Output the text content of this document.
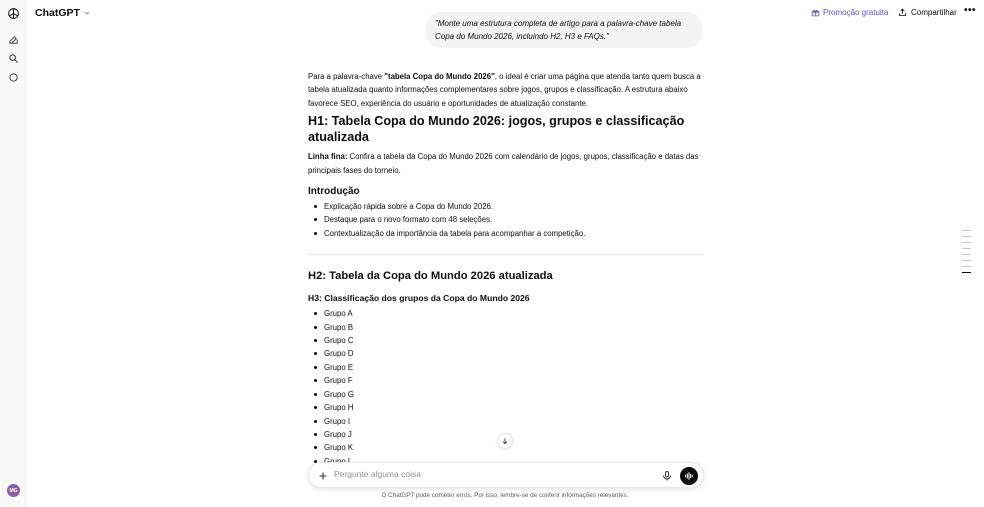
MG
ChatGPT	Promoção gratuita	Compartilhar •••
"Monte uma estrutura completa de artigo para a palavra-chave tabela Copa do Mundo 2026, incluindo H2, H3 e FAQs."

Para a palavra-chave "tabela Copa do Mundo 2026", o ideal é criar uma página que atenda tanto quem busca a tabela atualizada quanto informações complementares sobre jogos, grupos e classificação. A estrutura abaixo favorece SEO, experiência do usuário e oportunidades de atualização constante.

H1: Tabela Copa do Mundo 2026: jogos, grupos e classificação atualizada

Linha fina: Confira a tabela da Copa do Mundo 2026 com calendário de jogos, grupos, classificação e datas das principais fases do torneio.

Introdução
Explicação rápida sobre a Copa do Mundo 2026.
Destaque para o novo formato com 48 seleções.
Contextualização da importância da tabela para acompanhar a competição.
H2: Tabela da Copa do Mundo 2026 atualizada
H3: Classificação dos grupos da Copa do Mundo 2026
Grupo A
Grupo B
Grupo C
Grupo D
Grupo E
Grupo F
Grupo G
Grupo H
Grupo I
Grupo J
Grupo K
Pergunte alguma coisa
O ChatGPT pode cometer erros. Por isso, lembre-se de conferir informações relevantes.
